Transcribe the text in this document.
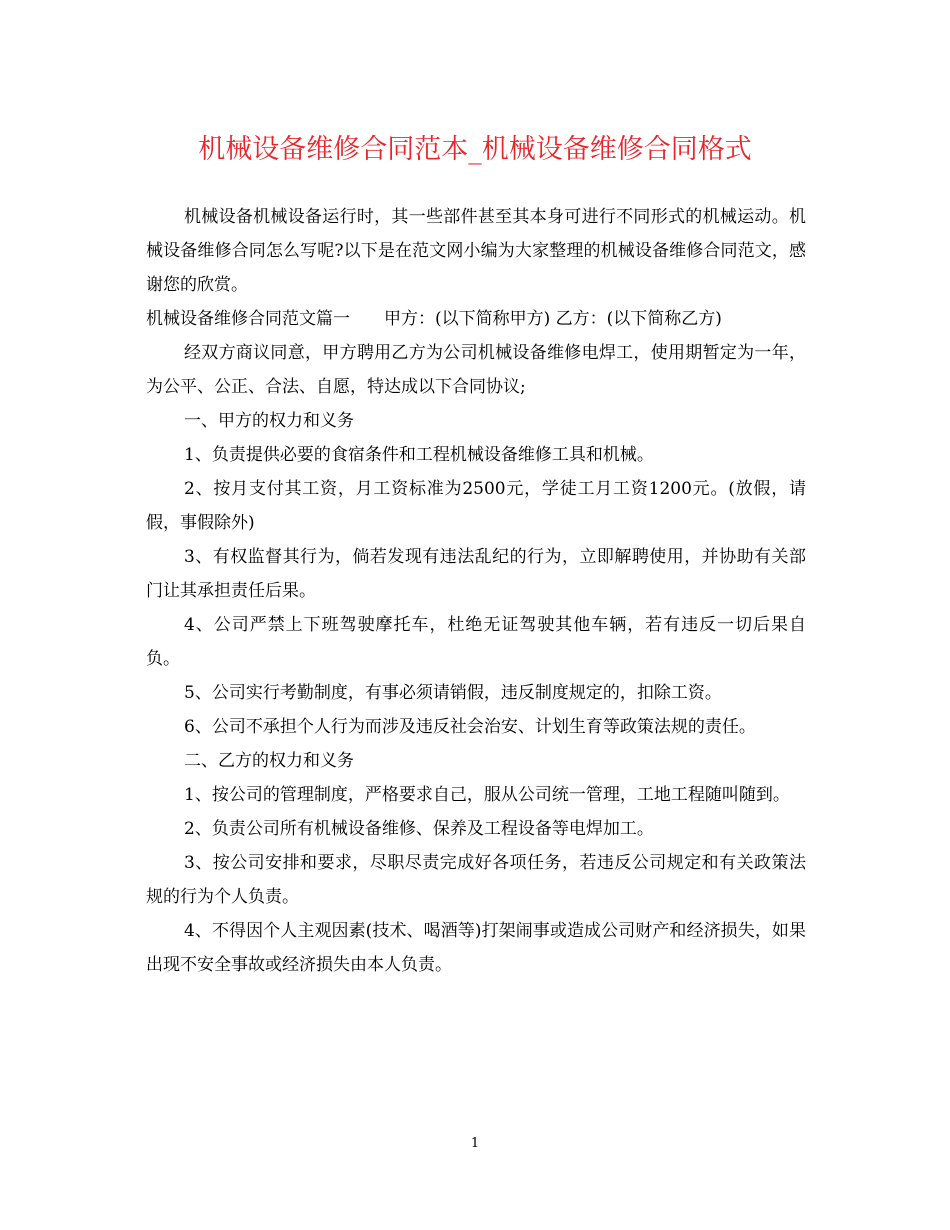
机械设备维修合同范本_机械设备维修合同格式

机械设备机械设备运行时，其一些部件甚至其本身可进行不同形式的机械运动。机械设备维修合同怎么写呢?以下是在范文网小编为大家整理的机械设备维修合同范文，感谢您的欣赏。

机械设备维修合同范文篇一　　甲方：(以下简称甲方) 乙方：(以下简称乙方)

经双方商议同意，甲方聘用乙方为公司机械设备维修电焊工，使用期暂定为一年，为公平、公正、合法、自愿，特达成以下合同协议;

一、甲方的权力和义务

1、负责提供必要的食宿条件和工程机械设备维修工具和机械。

2、按月支付其工资，月工资标准为2500元，学徒工月工资1200元。(放假，请假，事假除外)

3、有权监督其行为，倘若发现有违法乱纪的行为，立即解聘使用，并协助有关部门让其承担责任后果。

4、公司严禁上下班驾驶摩托车，杜绝无证驾驶其他车辆，若有违反一切后果自负。

5、公司实行考勤制度，有事必须请销假，违反制度规定的，扣除工资。

6、公司不承担个人行为而涉及违反社会治安、计划生育等政策法规的责任。

二、乙方的权力和义务

1、按公司的管理制度，严格要求自己，服从公司统一管理，工地工程随叫随到。

2、负责公司所有机械设备维修、保养及工程设备等电焊加工。

3、按公司安排和要求，尽职尽责完成好各项任务，若违反公司规定和有关政策法规的行为个人负责。

4、不得因个人主观因素(技术、喝酒等)打架闹事或造成公司财产和经济损失，如果出现不安全事故或经济损失由本人负责。

1
